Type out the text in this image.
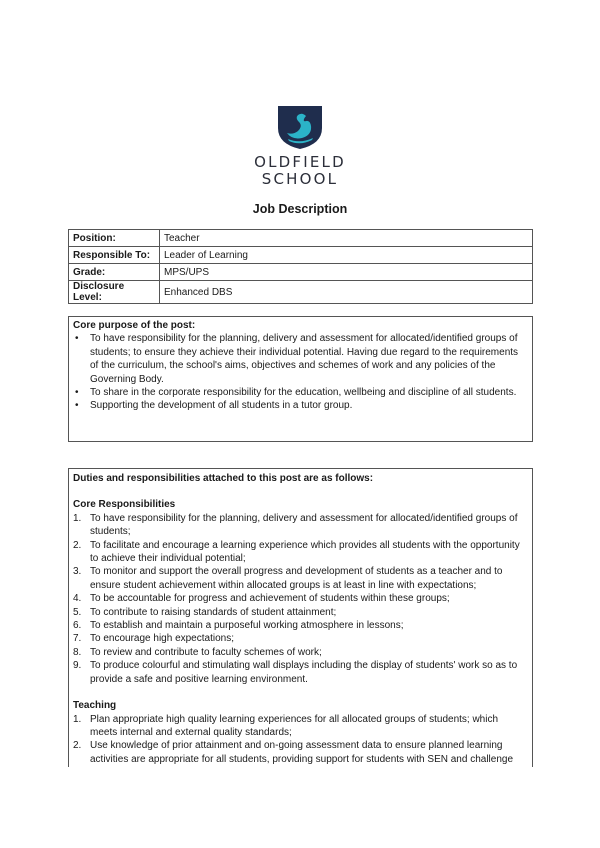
OLDFIELD
SCHOOL
Job Description
Position:	Teacher
Responsible To:	Leader of Learning
Grade:	MPS/UPS
Disclosure Level:	Enhanced DBS
Core purpose of the post:
• To have responsibility for the planning, delivery and assessment for allocated/identified groups of students; to ensure they achieve their individual potential. Having due regard to the requirements of the curriculum, the school's aims, objectives and schemes of work and any policies of the Governing Body.
• To share in the corporate responsibility for the education, wellbeing and discipline of all students.
• Supporting the development of all students in a tutor group.
Duties and responsibilities attached to this post are as follows:
Core Responsibilities
1. To have responsibility for the planning, delivery and assessment for allocated/identified groups of students;
2. To facilitate and encourage a learning experience which provides all students with the opportunity to achieve their individual potential;
3. To monitor and support the overall progress and development of students as a teacher and to ensure student achievement within allocated groups is at least in line with expectations;
4. To be accountable for progress and achievement of students within these groups;
5. To contribute to raising standards of student attainment;
6. To establish and maintain a purposeful working atmosphere in lessons;
7. To encourage high expectations;
8. To review and contribute to faculty schemes of work;
9. To produce colourful and stimulating wall displays including the display of students' work so as to provide a safe and positive learning environment.
Teaching
1. Plan appropriate high quality learning experiences for all allocated groups of students; which meets internal and external quality standards;
2. Use knowledge of prior attainment and on-going assessment data to ensure planned learning activities are appropriate for all students, providing support for students with SEN and challenge
